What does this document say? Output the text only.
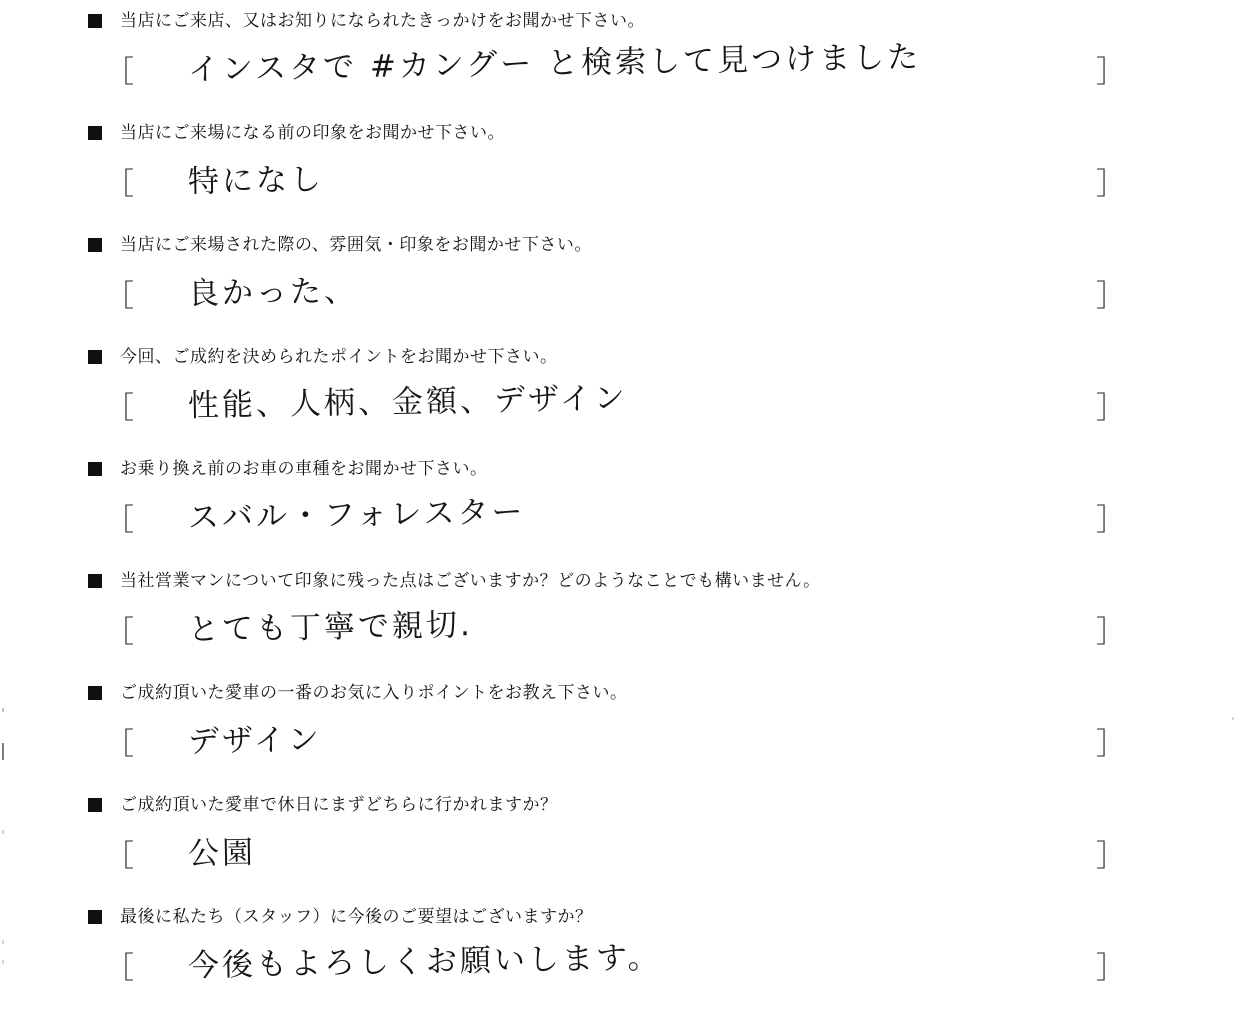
当店にご来店、又はお知りになられたきっかけをお聞かせ下さい。
［ インスタで #カングー と検索して見つけました	］
当店にご来場になる前の印象をお聞かせ下さい。
［ 特になし	］
当店にご来場された際の、雰囲気・印象をお聞かせ下さい。
［ 良かった、	］
今回、ご成約を決められたポイントをお聞かせ下さい。
［ 性能、人柄、金額、デザイン	］
お乗り換え前のお車の車種をお聞かせ下さい。
［ スバル・フォレスター	］
当社営業マンについて印象に残った点はございますか？どのようなことでも構いません。
［ とても丁寧で親切.	］
ご成約頂いた愛車の一番のお気に入りポイントをお教え下さい。
［ デザイン	］
ご成約頂いた愛車で休日にまずどちらに行かれますか？
［ 公園	］
最後に私たち（スタッフ）に今後のご要望はございますか？
［ 今後もよろしくお願いします。	］
